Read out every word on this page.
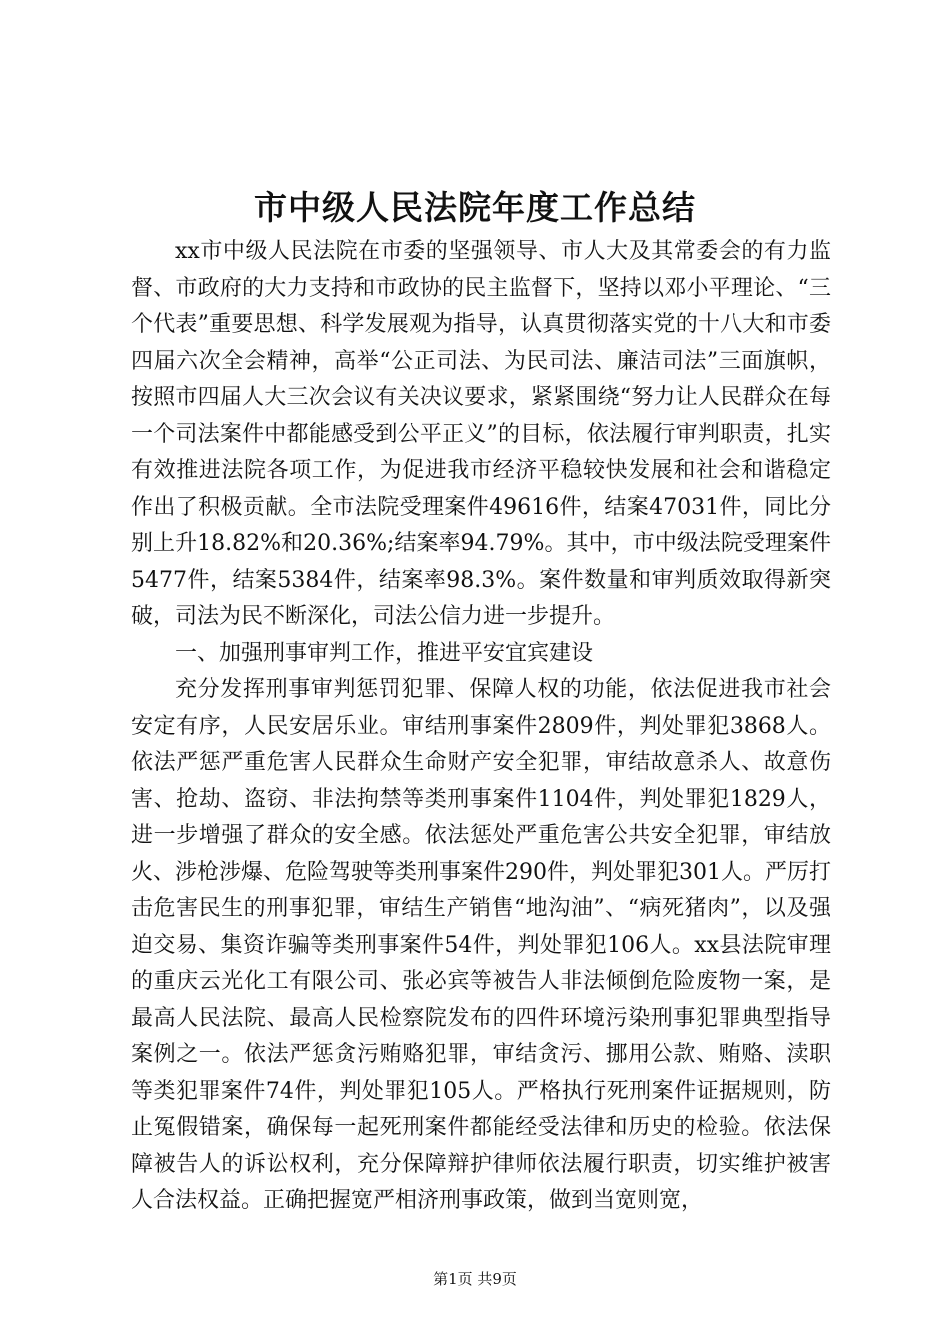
市中级人民法院年度工作总结

xx市中级人民法院在市委的坚强领导、市人大及其常委会的有力监督、市政府的大力支持和市政协的民主监督下，坚持以邓小平理论、“三个代表”重要思想、科学发展观为指导，认真贯彻落实党的十八大和市委四届六次全会精神，高举“公正司法、为民司法、廉洁司法”三面旗帜，按照市四届人大三次会议有关决议要求，紧紧围绕“努力让人民群众在每一个司法案件中都能感受到公平正义”的目标，依法履行审判职责，扎实有效推进法院各项工作，为促进我市经济平稳较快发展和社会和谐稳定作出了积极贡献。全市法院受理案件49616件，结案47031件，同比分别上升18.82%和20.36%;结案率94.79%。其中，市中级法院受理案件5477件，结案5384件，结案率98.3%。案件数量和审判质效取得新突破，司法为民不断深化，司法公信力进一步提升。

一、加强刑事审判工作，推进平安宜宾建设

充分发挥刑事审判惩罚犯罪、保障人权的功能，依法促进我市社会安定有序，人民安居乐业。审结刑事案件2809件，判处罪犯3868人。依法严惩严重危害人民群众生命财产安全犯罪，审结故意杀人、故意伤害、抢劫、盗窃、非法拘禁等类刑事案件1104件，判处罪犯1829人，进一步增强了群众的安全感。依法惩处严重危害公共安全犯罪，审结放火、涉枪涉爆、危险驾驶等类刑事案件290件，判处罪犯301人。严厉打击危害民生的刑事犯罪，审结生产销售“地沟油”、“病死猪肉”，以及强迫交易、集资诈骗等类刑事案件54件，判处罪犯106人。xx县法院审理的重庆云光化工有限公司、张必宾等被告人非法倾倒危险废物一案，是最高人民法院、最高人民检察院发布的四件环境污染刑事犯罪典型指导案例之一。依法严惩贪污贿赂犯罪，审结贪污、挪用公款、贿赂、渎职等类犯罪案件74件，判处罪犯105人。严格执行死刑案件证据规则，防止冤假错案，确保每一起死刑案件都能经受法律和历史的检验。依法保障被告人的诉讼权利，充分保障辩护律师依法履行职责，切实维护被害人合法权益。正确把握宽严相济刑事政策，做到当宽则宽，

第1页 共9页
